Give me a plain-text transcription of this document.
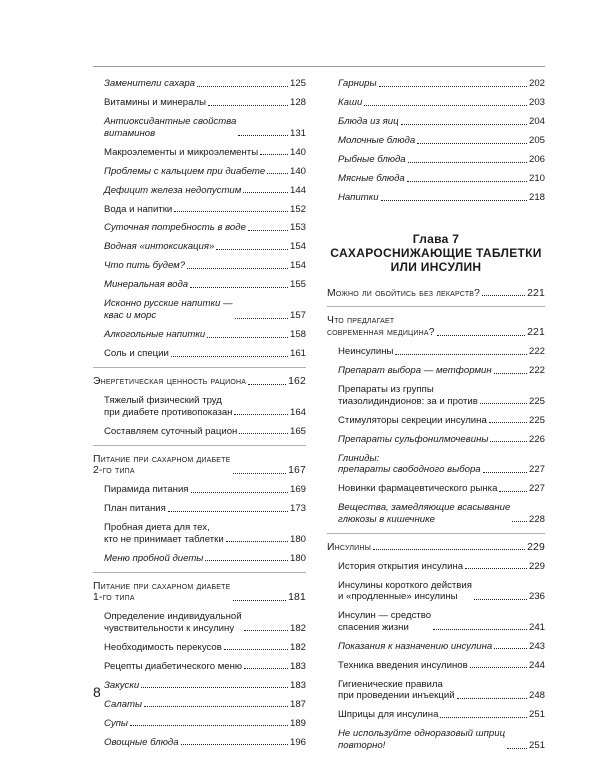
Заменители сахара	125
Витамины и минералы	128
Антиоксидантные свойства
витаминов	131
Макроэлементы и микроэлементы	140
Проблемы с кальцием при диабете	140
Дефицит железа недопустим	144
Вода и напитки	152
Суточная потребность в воде	153
Водная «интоксикация»	154
Что пить будем?	154
Минеральная вода	155
Исконно русские напитки —
квас и морс	157
Алкогольные напитки	158
Соль и специи	161
Энергетическая ценность рациона	162
Тяжелый физический труд
при диабете противопоказан	164
Составляем суточный рацион	165
Питание при сахарном диабете
2-го типа	167
Пирамида питания	169
План питания	173
Пробная диета для тех,
кто не принимает таблетки	180
Меню пробной диеты	180
Питание при сахарном диабете
1-го типа	181
Определение индивидуальной
чувствительности к инсулину	182
Необходимость перекусов	182
Рецепты диабетического меню	183
Закуски	183
Салаты	187
Супы	189
Овощные блюда	196
Гарниры	202
Каши	203
Блюда из яиц	204
Молочные блюда	205
Рыбные блюда	206
Мясные блюда	210
Напитки	218
Глава 7
САХАРОСНИЖАЮЩИЕ ТАБЛЕТКИ
ИЛИ ИНСУЛИН
Можно ли обойтись без лекарств?	221
Что предлагает
современная медицина?	221
Неинсулины	222
Препарат выбора — метформин	222
Препараты из группы
тиазолидиндионов: за и против	225
Стимуляторы секреции инсулина	225
Препараты сульфонилмочевины	226
Глиниды:
препараты свободного выбора	227
Новинки фармацевтического рынка	227
Вещества, замедляющие всасывание
глюкозы в кишечнике	228
Инсулины	229
История открытия инсулина	229
Инсулины короткого действия
и «продленные» инсулины	236
Инсулин — средство
спасения жизни	241
Показания к назначению инсулина	243
Техника введения инсулинов	244
Гигиенические правила
при проведении инъекций	248
Шприцы для инсулина	251
Не используйте одноразовый шприц
повторно!	251
8
